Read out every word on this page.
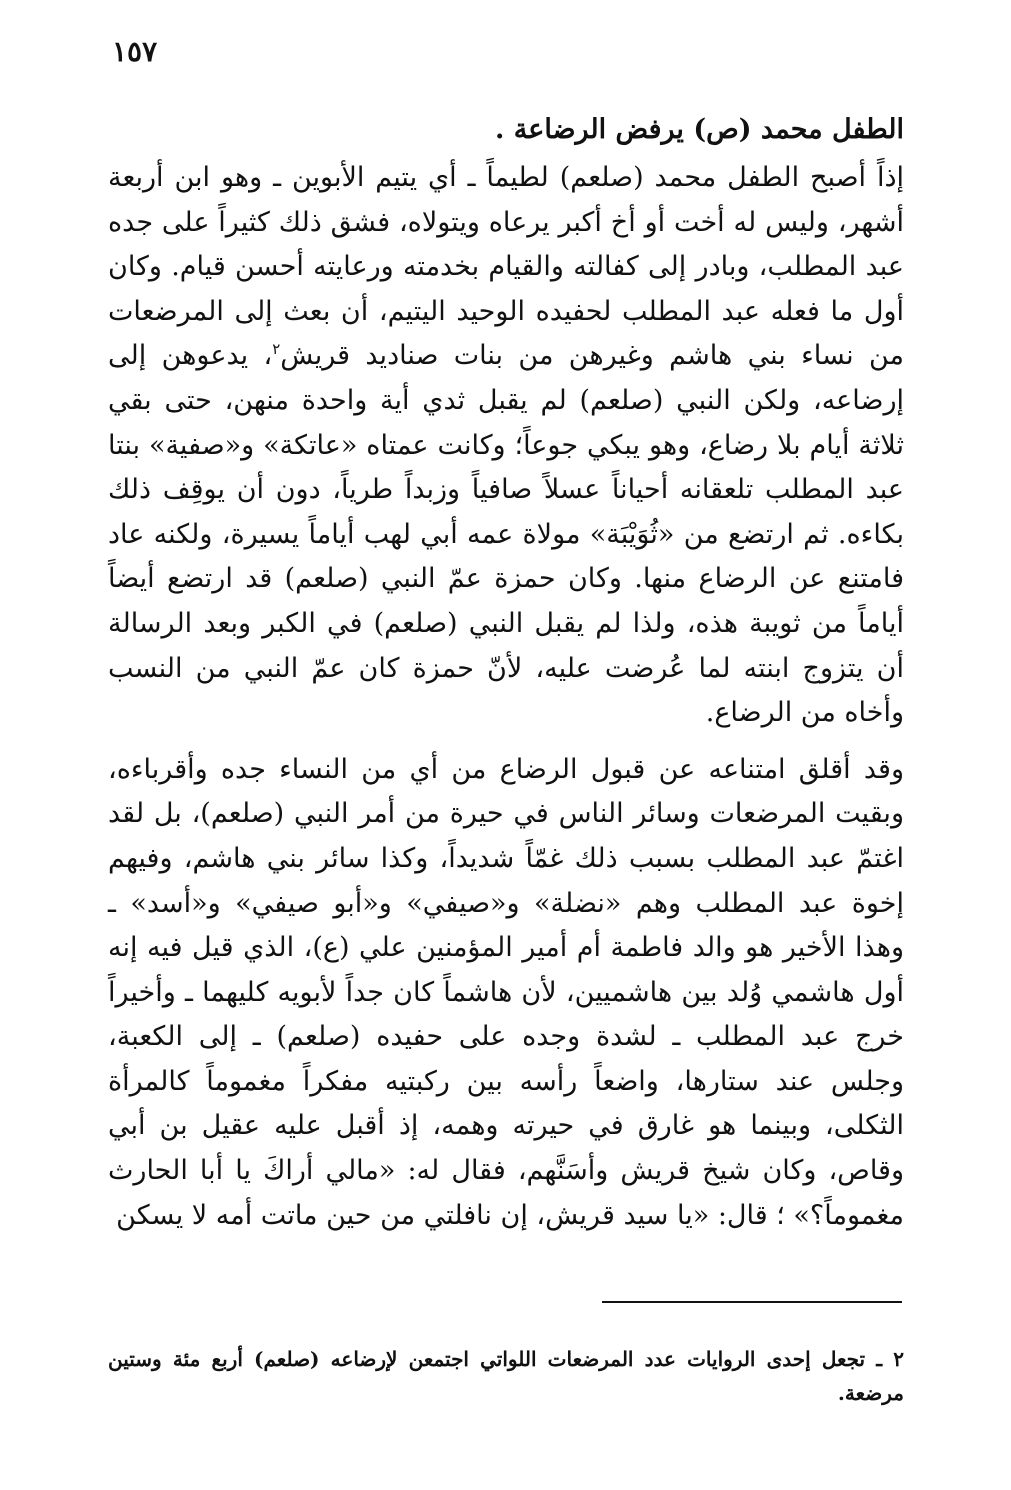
١٥٧
الطفل محمد (ص) يرفض الرضاعة .
إذاً أصبح الطفل محمد (صلعم) لطيماً ـ أي يتيم الأبوين ـ وهو ابن أربعة أشهر، وليس له أخت أو أخ أكبر يرعاه ويتولاه، فشق ذلك كثيراً على جده عبد المطلب، وبادر إلى كفالته والقيام بخدمته ورعايته أحسن قيام. وكان أول ما فعله عبد المطلب لحفيده الوحيد اليتيم، أن بعث إلى المرضعات من نساء بني هاشم وغيرهن من بنات صناديد قريش$^٢$، يدعوهن إلى إرضاعه، ولكن النبي (صلعم) لم يقبل ثدي أية واحدة منهن، حتى بقي ثلاثة أيام بلا رضاع، وهو يبكي جوعاً؛ وكانت عمتاه «عاتكة» و«صفية» بنتا عبد المطلب تلعقانه أحياناً عسلاً صافياً وزبداً طرياً، دون أن يوقِف ذلك بكاءه. ثم ارتضع من «ثُوَيْبَة» مولاة عمه أبي لهب أياماً يسيرة، ولكنه عاد فامتنع عن الرضاع منها. وكان حمزة عمّ النبي (صلعم) قد ارتضع أيضاً أياماً من ثويبة هذه، ولذا لم يقبل النبي (صلعم) في الكبر وبعد الرسالة أن يتزوج ابنته لما عُرضت عليه، لأنّ حمزة كان عمّ النبي من النسب وأخاه من الرضاع.
وقد أقلق امتناعه عن قبول الرضاع من أي من النساء جده وأقرباءه، وبقيت المرضعات وسائر الناس في حيرة من أمر النبي (صلعم)، بل لقد اغتمّ عبد المطلب بسبب ذلك غمّاً شديداً، وكذا سائر بني هاشم، وفيهم إخوة عبد المطلب وهم «نضلة» و«صيفي» و«أبو صيفي» و«أسد» ـ وهذا الأخير هو والد فاطمة أم أمير المؤمنين علي (ع)، الذي قيل فيه إنه أول هاشمي وُلد بين هاشميين، لأن هاشماً كان جداً لأبويه كليهما ـ وأخيراً خرج عبد المطلب ـ لشدة وجده على حفيده (صلعم) ـ إلى الكعبة، وجلس عند ستارها، واضعاً رأسه بين ركبتيه مفكراً مغموماً كالمرأة الثكلى، وبينما هو غارق في حيرته وهمه، إذ أقبل عليه عقيل بن أبي وقاص، وكان شيخ قريش وأسَنَّهم، فقال له: «مالي أراكَ يا أبا الحارث مغموماً؟» ؛ قال: «يا سيد قريش، إن نافلتي من حين ماتت أمه لا يسكن
٢ ـ تجعل إحدى الروايات عدد المرضعات اللواتي اجتمعن لإرضاعه (صلعم) أربع مئة وستين مرضعة.
